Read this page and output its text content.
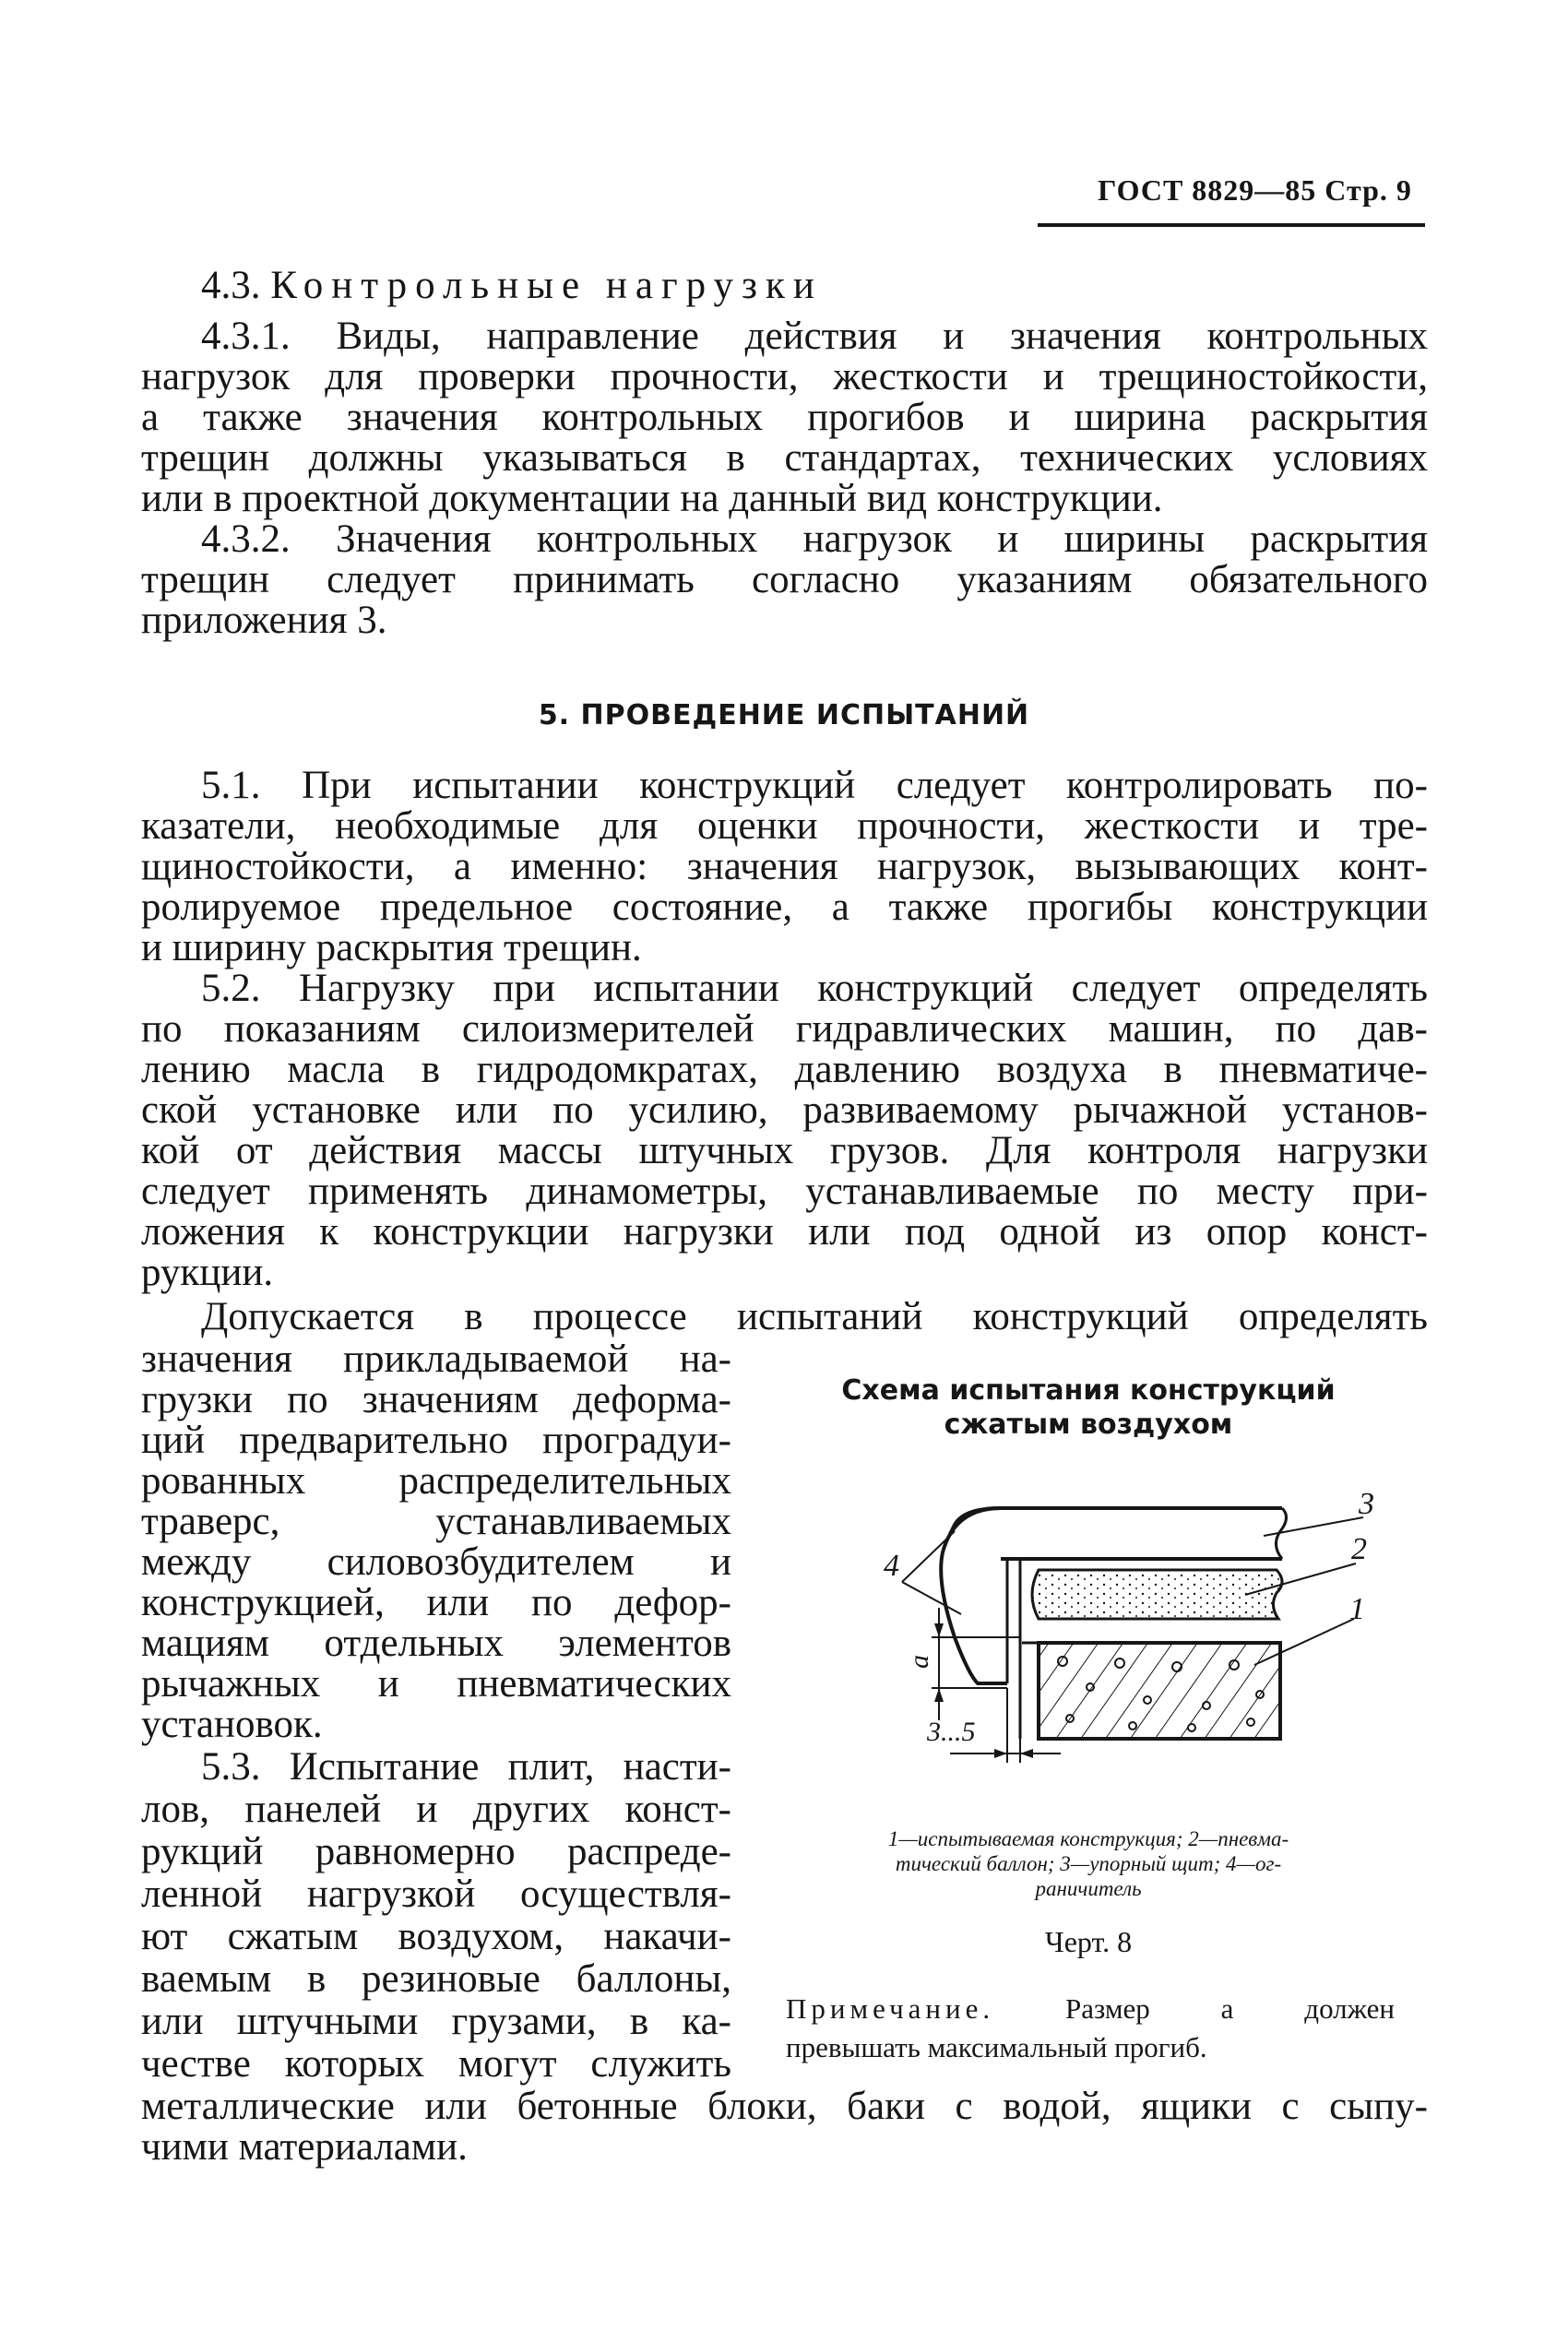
ГОСТ 8829—85 Стр. 9
4.3. Контрольные нагрузки
4.3.1. Виды, направление действия и значения контрольных
нагрузок для проверки прочности, жесткости и трещиностойкости,
а также значения контрольных прогибов и ширина раскрытия
трещин должны указываться в стандартах, технических условиях
или в проектной документации на данный вид конструкции.
4.3.2. Значения контрольных нагрузок и ширины раскрытия
трещин следует принимать согласно указаниям обязательного
приложения 3.
5. ПРОВЕДЕНИЕ ИСПЫТАНИЙ
5.1. При испытании конструкций следует контролировать по-
казатели, необходимые для оценки прочности, жесткости и тре-
щиностойкости, а именно: значения нагрузок, вызывающих конт-
ролируемое предельное состояние, а также прогибы конструкции
и ширину раскрытия трещин.
5.2. Нагрузку при испытании конструкций следует определять
по показаниям силоизмерителей гидравлических машин, по дав-
лению масла в гидродомкратах, давлению воздуха в пневматиче-
ской установке или по усилию, развиваемому рычажной установ-
кой от действия массы штучных грузов. Для контроля нагрузки
следует применять динамометры, устанавливаемые по месту при-
ложения к конструкции нагрузки или под одной из опор конст-
рукции.
Допускается в процессе испытаний конструкций определять
значения прикладываемой на-
грузки по значениям деформа-
ций предварительно проградуи-
рованных распределительных
траверс, устанавливаемых
между силовозбудителем и
конструкцией, или по дефор-
мациям отдельных элементов
рычажных и пневматических
установок.
5.3. Испытание плит, насти-
лов, панелей и других конст-
рукций равномерно распреде-
ленной нагрузкой осуществля-
ют сжатым воздухом, накачи-
ваемым в резиновые баллоны,
или штучными грузами, в ка-
честве которых могут служить
металлические или бетонные блоки, баки с водой, ящики с сыпу-
чими материалами.
Схема испытания конструкций
сжатым воздухом
a
3...5
4
3
2
1
1—испытываемая конструкция; 2—пневма-
тический баллон; 3—упорный щит; 4—ог-
раничитель
Черт. 8
Примечание. Размер a должен
превышать максимальный прогиб.
